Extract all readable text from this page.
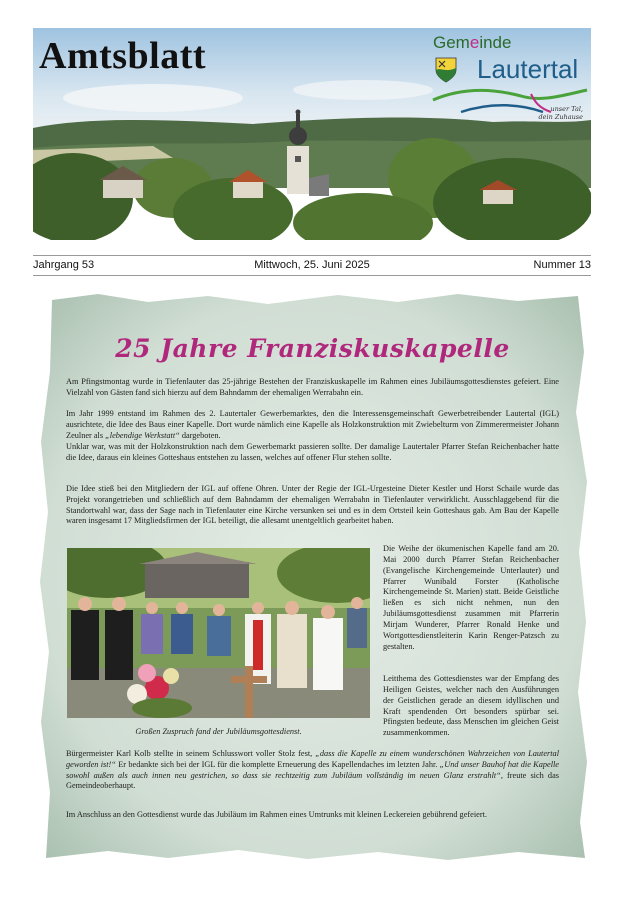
Amtsblatt	Gemeinde
Lautertal
unser Tal,
dein Zuhause
Jahrgang 53	Mittwoch, 25. Juni 2025	Nummer 13
25 Jahre Franziskuskapelle

Am Pfingstmontag wurde in Tiefenlauter das 25-jährige Bestehen der Franziskuskapelle im Rahmen eines Jubiläumsgottesdienstes gefeiert. Eine Vielzahl von Gästen fand sich hierzu auf dem Bahndamm der ehemaligen Werrabahn ein.

Im Jahr 1999 entstand im Rahmen des 2. Lautertaler Gewerbemarktes, den die Interessensgemeinschaft Gewerbetreibender Lautertal (IGL) ausrichtete, die Idee des Baus einer Kapelle. Dort wurde nämlich eine Kapelle als Holzkonstruktion mit Zwiebelturm von Zimmerermeister Johann Zeulner als „lebendige Werkstatt“ dargeboten.

Unklar war, was mit der Holzkonstruktion nach dem Gewerbemarkt passieren sollte. Der damalige Lautertaler Pfarrer Stefan Reichenbacher hatte die Idee, daraus ein kleines Gotteshaus entstehen zu lassen, welches auf offener Flur stehen sollte.

Die Idee stieß bei den Mitgliedern der IGL auf offene Ohren. Unter der Regie der IGL-Urgesteine Dieter Kestler und Horst Schaile wurde das Projekt vorangetrieben und schließlich auf dem Bahndamm der ehemaligen Werrabahn in Tiefenlauter verwirklicht. Ausschlaggebend für die Standortwahl war, dass der Sage nach in Tiefenlauter eine Kirche versunken sei und es in dem Ortsteil kein Gotteshaus gab. Am Bau der Kapelle waren insgesamt 17 Mitgliedsfirmen der IGL beteiligt, die allesamt unentgeltlich gearbeitet haben.

Großen Zuspruch fand der Jubiläumsgottesdienst.

Die Weihe der ökumenischen Kapelle fand am 20. Mai 2000 durch Pfarrer Stefan Reichenbacher (Evangelische Kirchengemeinde Unterlauter) und Pfarrer Wunibald Forster (Katholische Kirchengemeinde St. Marien) statt. Beide Geistliche ließen es sich nicht nehmen, nun den Jubiläumsgottesdienst zusammen mit Pfarrerin Mirjam Wunderer, Pfarrer Ronald Henke und Wortgottesdienstleiterin Karin Renger-Patzsch zu gestalten.

Leitthema des Gottesdienstes war der Empfang des Heiligen Geistes, welcher nach den Ausführungen der Geistlichen gerade an diesem idyllischen und Kraft spendenden Ort besonders spürbar sei. Pfingsten bedeute, dass Menschen im gleichen Geist zusammenkommen.

Bürgermeister Karl Kolb stellte in seinem Schlusswort voller Stolz fest, „dass die Kapelle zu einem wunderschönen Wahrzeichen von Lautertal geworden ist!“ Er bedankte sich bei der IGL für die komplette Erneuerung des Kapellendaches im letzten Jahr. „Und unser Bauhof hat die Kapelle sowohl außen als auch innen neu gestrichen, so dass sie rechtzeitig zum Jubiläum vollständig im neuen Glanz erstrahlt“, freute sich das Gemeindeoberhaupt.

Im Anschluss an den Gottesdienst wurde das Jubiläum im Rahmen eines Umtrunks mit kleinen Leckereien gebührend gefeiert.
